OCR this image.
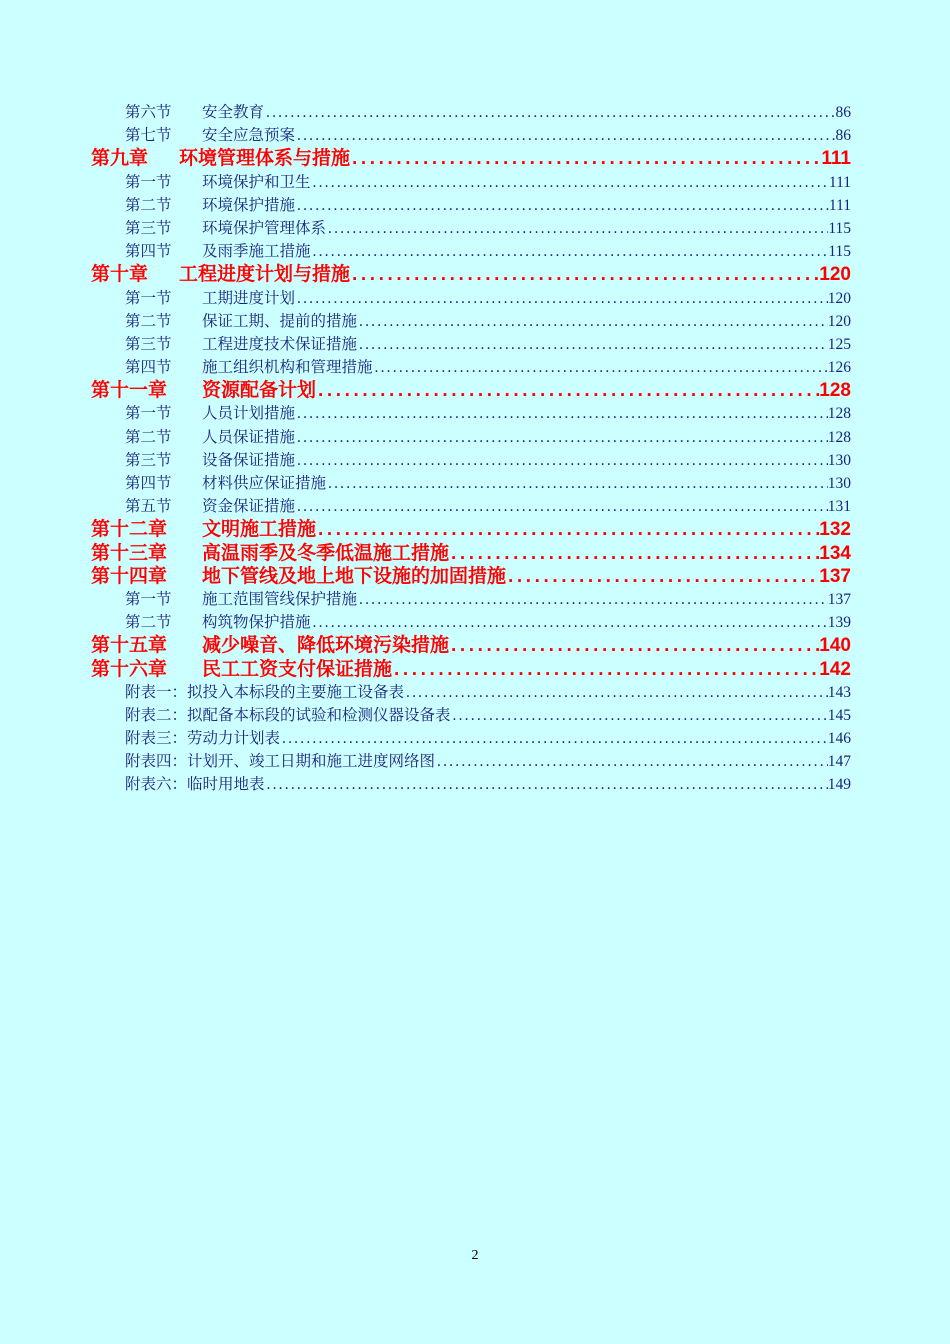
第六节	安全教育 .....	86
第七节	安全应急预案 .....	86
第九章	环境管理体系与措施 .....	111
第一节	环境保护和卫生 .....	111
第二节	环境保护措施 .....	111
第三节	环境保护管理体系 .....	115
第四节	及雨季施工措施 .....	115
第十章	工程进度计划与措施 .....	120
第一节	工期进度计划 .....	120
第二节	保证工期、提前的措施 .....	120
第三节	工程进度技术保证措施 .....	125
第四节	施工组织机构和管理措施 .....	126
第十一章	资源配备计划 .....	128
第一节	人员计划措施 .....	128
第二节	人员保证措施 .....	128
第三节	设备保证措施 .....	130
第四节	材料供应保证措施 .....	130
第五节	资金保证措施 .....	131
第十二章	文明施工措施 .....	132
第十三章	高温雨季及冬季低温施工措施 .....	134
第十四章	地下管线及地上地下设施的加固措施 .....	137
第一节	施工范围管线保护措施 .....	137
第二节	构筑物保护措施 .....	139
第十五章	减少噪音、降低环境污染措施 .....	140
第十六章	民工工资支付保证措施 .....	142
附表一：拟投入本标段的主要施工设备表 .....	143
附表二：拟配备本标段的试验和检测仪器设备表 .....	145
附表三：劳动力计划表 .....	146
附表四：计划开、竣工日期和施工进度网络图 .....	147
附表六：临时用地表 .....	149
2
